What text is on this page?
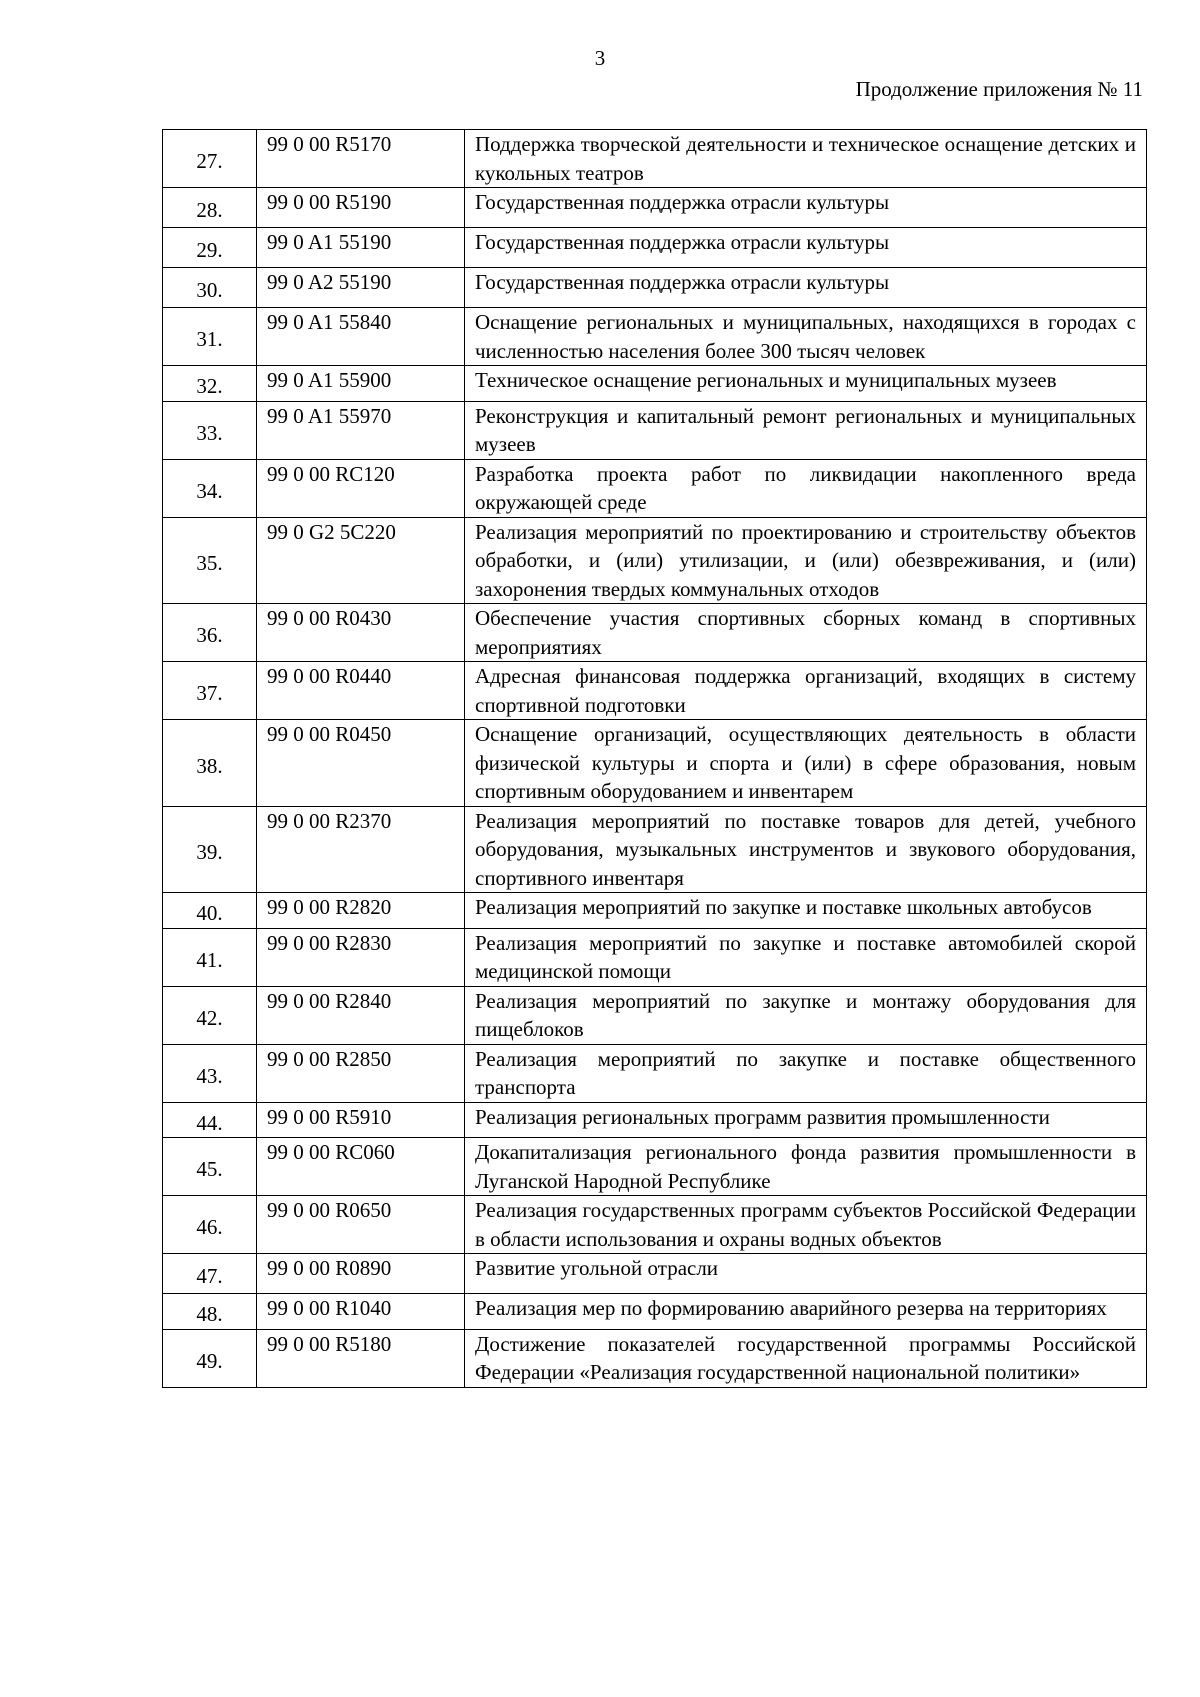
3
Продолжение приложения № 11
27.	99 0 00 R5170	Поддержка творческой деятельности и техническое оснащение детских и кукольных театров
28.	99 0 00 R5190	Государственная поддержка отрасли культуры
29.	99 0 A1 55190	Государственная поддержка отрасли культуры
30.	99 0 A2 55190	Государственная поддержка отрасли культуры
31.	99 0 A1 55840	Оснащение региональных и муниципальных, находящихся в городах с численностью населения более 300 тысяч человек
32.	99 0 A1 55900	Техническое оснащение региональных и муниципальных музеев
33.	99 0 A1 55970	Реконструкция и капитальный ремонт региональных и муниципальных музеев
34.	99 0 00 RC120	Разработка проекта работ по ликвидации накопленного вреда окружающей среде
35.	99 0 G2 5C220	Реализация мероприятий по проектированию и строительству объектов обработки, и (или) утилизации, и (или) обезвреживания, и (или) захоронения твердых коммунальных отходов
36.	99 0 00 R0430	Обеспечение участия спортивных сборных команд в спортивных мероприятиях
37.	99 0 00 R0440	Адресная финансовая поддержка организаций, входящих в систему спортивной подготовки
38.	99 0 00 R0450	Оснащение организаций, осуществляющих деятельность в области физической культуры и спорта и (или) в сфере образования, новым спортивным оборудованием и инвентарем
39.	99 0 00 R2370	Реализация мероприятий по поставке товаров для детей, учебного оборудования, музыкальных инструментов и звукового оборудования, спортивного инвентаря
40.	99 0 00 R2820	Реализация мероприятий по закупке и поставке школьных автобусов
41.	99 0 00 R2830	Реализация мероприятий по закупке и поставке автомобилей скорой медицинской помощи
42.	99 0 00 R2840	Реализация мероприятий по закупке и монтажу оборудования для пищеблоков
43.	99 0 00 R2850	Реализация мероприятий по закупке и поставке общественного транспорта
44.	99 0 00 R5910	Реализация региональных программ развития промышленности
45.	99 0 00 RC060	Докапитализация регионального фонда развития промышленности в Луганской Народной Республике
46.	99 0 00 R0650	Реализация государственных программ субъектов Российской Федерации в области использования и охраны водных объектов
47.	99 0 00 R0890	Развитие угольной отрасли
48.	99 0 00 R1040	Реализация мер по формированию аварийного резерва на территориях
49.	99 0 00 R5180	Достижение показателей государственной программы Российской Федерации «Реализация государственной национальной политики»
